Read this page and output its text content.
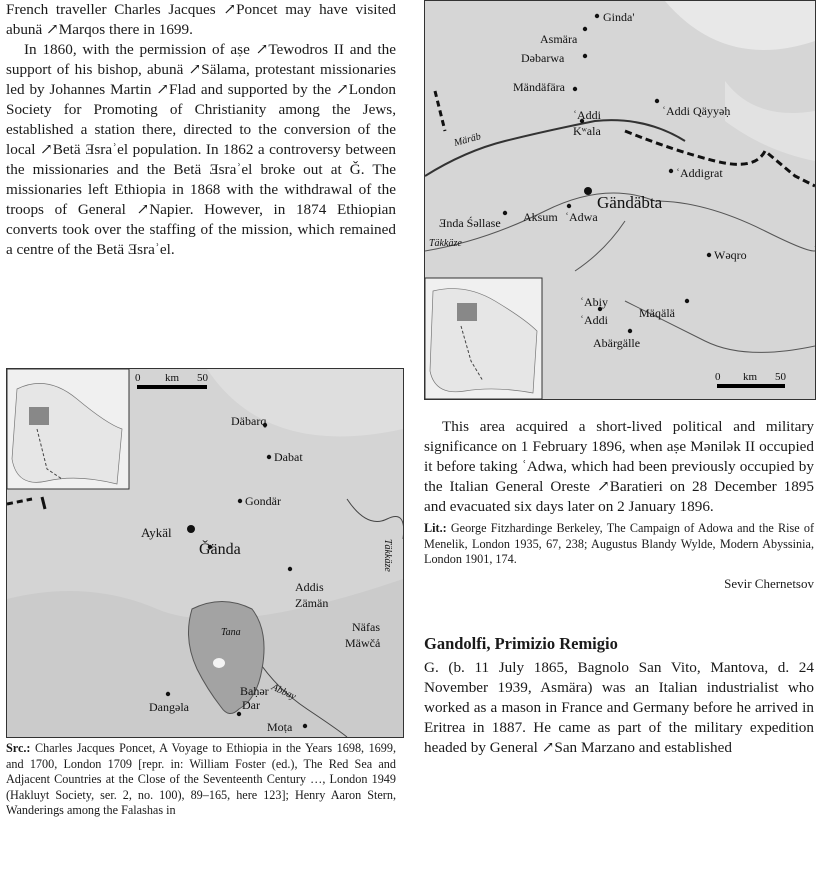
French traveller Charles Jacques ↗Poncet may have visited abunä ↗Marqos there in 1699.

In 1860, with the permission of aṣe ↗Tewodros II and the support of his bishop, abunä ↗Sälama, protestant missionaries led by Johannes Martin ↗Flad and supported by the ↗London Society for Promoting of Christianity among the Jews, established a station there, directed to the conversion of the local ↗Betä Ǝsraʾel population. In 1862 a controversy between the missionaries and the Betä Ǝsraʾel broke out at Ǧ. The missionaries left Ethiopia in 1868 with the withdrawal of the troops of General ↗Napier. However, in 1874 Ethiopian converts took over the staffing of the mission, which remained a centre of the Betä Ǝsraʾel.

0 km 50
Däbarq
Dabat
Gondär
Aykäl
Ǧända
Tana
Täkkäze
Addis
Zämän
Näfas
Mäwčả
Baḥər
Dar
Abbay
Dangəla
Moṭa

Src.: Charles Jacques Poncet, A Voyage to Ethiopia in the Years 1698, 1699, and 1700, London 1709 [repr. in: William Foster (ed.), The Red Sea and Adjacent Countries at the Close of the Seventeenth Century …, London 1949 (Hakluyt Society, ser. 2, no. 100), 89–165, here 123]; Henry Aaron Stern, Wanderings among the Falashas in

0 km 50
Ginda'
Asmära
Dəbarwa
Mändäfära
ʿAddi
Kʷala
ʿAddi Qäyyəḥ
Märäb
ʿAddigrat
Gändäbta
Ǝnda Śəllase Aksum ʿAdwa
Täkkäze
Wəqro
ʿAbiy
ʿAddi	Mäqälä
Abärgälle

This area acquired a short-lived political and military significance on 1 February 1896, when aṣe Mənilək II occupied it before taking ʿAdwa, which had been previously occupied by the Italian General Oreste ↗Baratieri on 28 December 1895 and evacuated six days later on 2 January 1896.

Lit.: George Fitzhardinge Berkeley, The Campaign of Adowa and the Rise of Menelik, London 1935, 67, 238; Augustus Blandy Wylde, Modern Abyssinia, London 1901, 174.

Sevir Chernetsov

Gandolfi, Primizio Remigio

G. (b. 11 July 1865, Bagnolo San Vito, Mantova, d. 24 November 1939, Asmära) was an Italian industrialist who worked as a mason in France and Germany before he arrived in Eritrea in 1887. He came as part of the military expedition headed by General ↗San Marzano and established
